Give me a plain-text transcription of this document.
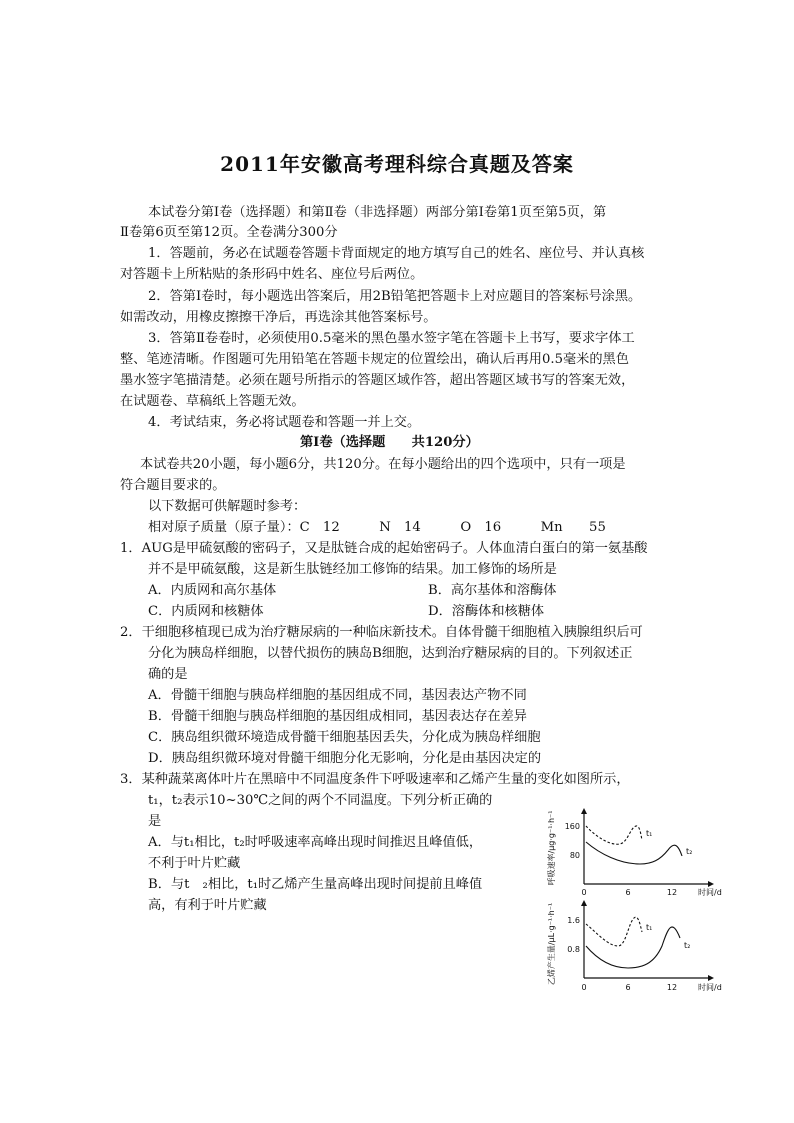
2011年安徽高考理科综合真题及答案
本试卷分第Ⅰ卷（选择题）和第Ⅱ卷（非选择题）两部分第Ⅰ卷第1页至第5页，第
Ⅱ卷第6页至第12页。全卷满分300分
1．答题前，务必在试题卷答题卡背面规定的地方填写自己的姓名、座位号、并认真核
对答题卡上所粘贴的条形码中姓名、座位号后两位。
2．答第Ⅰ卷时，每小题选出答案后，用2B铅笔把答题卡上对应题目的答案标号涂黑。
如需改动，用橡皮擦擦干净后，再选涂其他答案标号。
3．答第Ⅱ卷卷时，必须使用0.5毫米的黑色墨水签字笔在答题卡上书写，要求字体工
整、笔迹清晰。作图题可先用铅笔在答题卡规定的位置绘出，确认后再用0.5毫米的黑色
墨水签字笔描清楚。必须在题号所指示的答题区域作答，超出答题区域书写的答案无效，
在试题卷、草稿纸上答题无效。
4．考试结束，务必将试题卷和答题一并上交。
第Ⅰ卷（选择题　　共120分）
本试卷共20小题，每小题6分，共120分。在每小题给出的四个选项中，只有一项是
符合题目要求的。
以下数据可供解题时参考：
相对原子质量（原子量）：C　12　　　N　14　　　O　16　　　Mn　　55
1．AUG是甲硫氨酸的密码子，又是肽链合成的起始密码子。人体血清白蛋白的第一氨基酸
并不是甲硫氨酸，这是新生肽链经加工修饰的结果。加工修饰的场所是
A．内质网和高尔基体	B．高尔基体和溶酶体
C．内质网和核糖体	D．溶酶体和核糖体
2．干细胞移植现已成为治疗糖尿病的一种临床新技术。自体骨髓干细胞植入胰腺组织后可
分化为胰岛样细胞，以替代损伤的胰岛B细胞，达到治疗糖尿病的目的。下列叙述正
确的是
A．骨髓干细胞与胰岛样细胞的基因组成不同，基因表达产物不同
B．骨髓干细胞与胰岛样细胞的基因组成相同，基因表达存在差异
C．胰岛组织微环境造成骨髓干细胞基因丢失，分化成为胰岛样细胞
D．胰岛组织微环境对骨髓干细胞分化无影响，分化是由基因决定的
3．某种蔬菜离体叶片在黑暗中不同温度条件下呼吸速率和乙烯产生量的变化如图所示，
t₁，t₂表示10~30℃之间的两个不同温度。下列分析正确的
是
A．与t₁相比，t₂时呼吸速率高峰出现时间推迟且峰值低，
不利于叶片贮藏
B．与t　₂相比，t₁时乙烯产生量高峰出现时间提前且峰值
高，有利于叶片贮藏
呼吸速率/μg·g⁻¹·h⁻¹ 160
80
0	6	12	时间/d
t₁
t₂
乙烯产生量/μL·g⁻¹·h⁻¹ 1.6
0.8
0	6	12	时间/d
t₁
t₂
